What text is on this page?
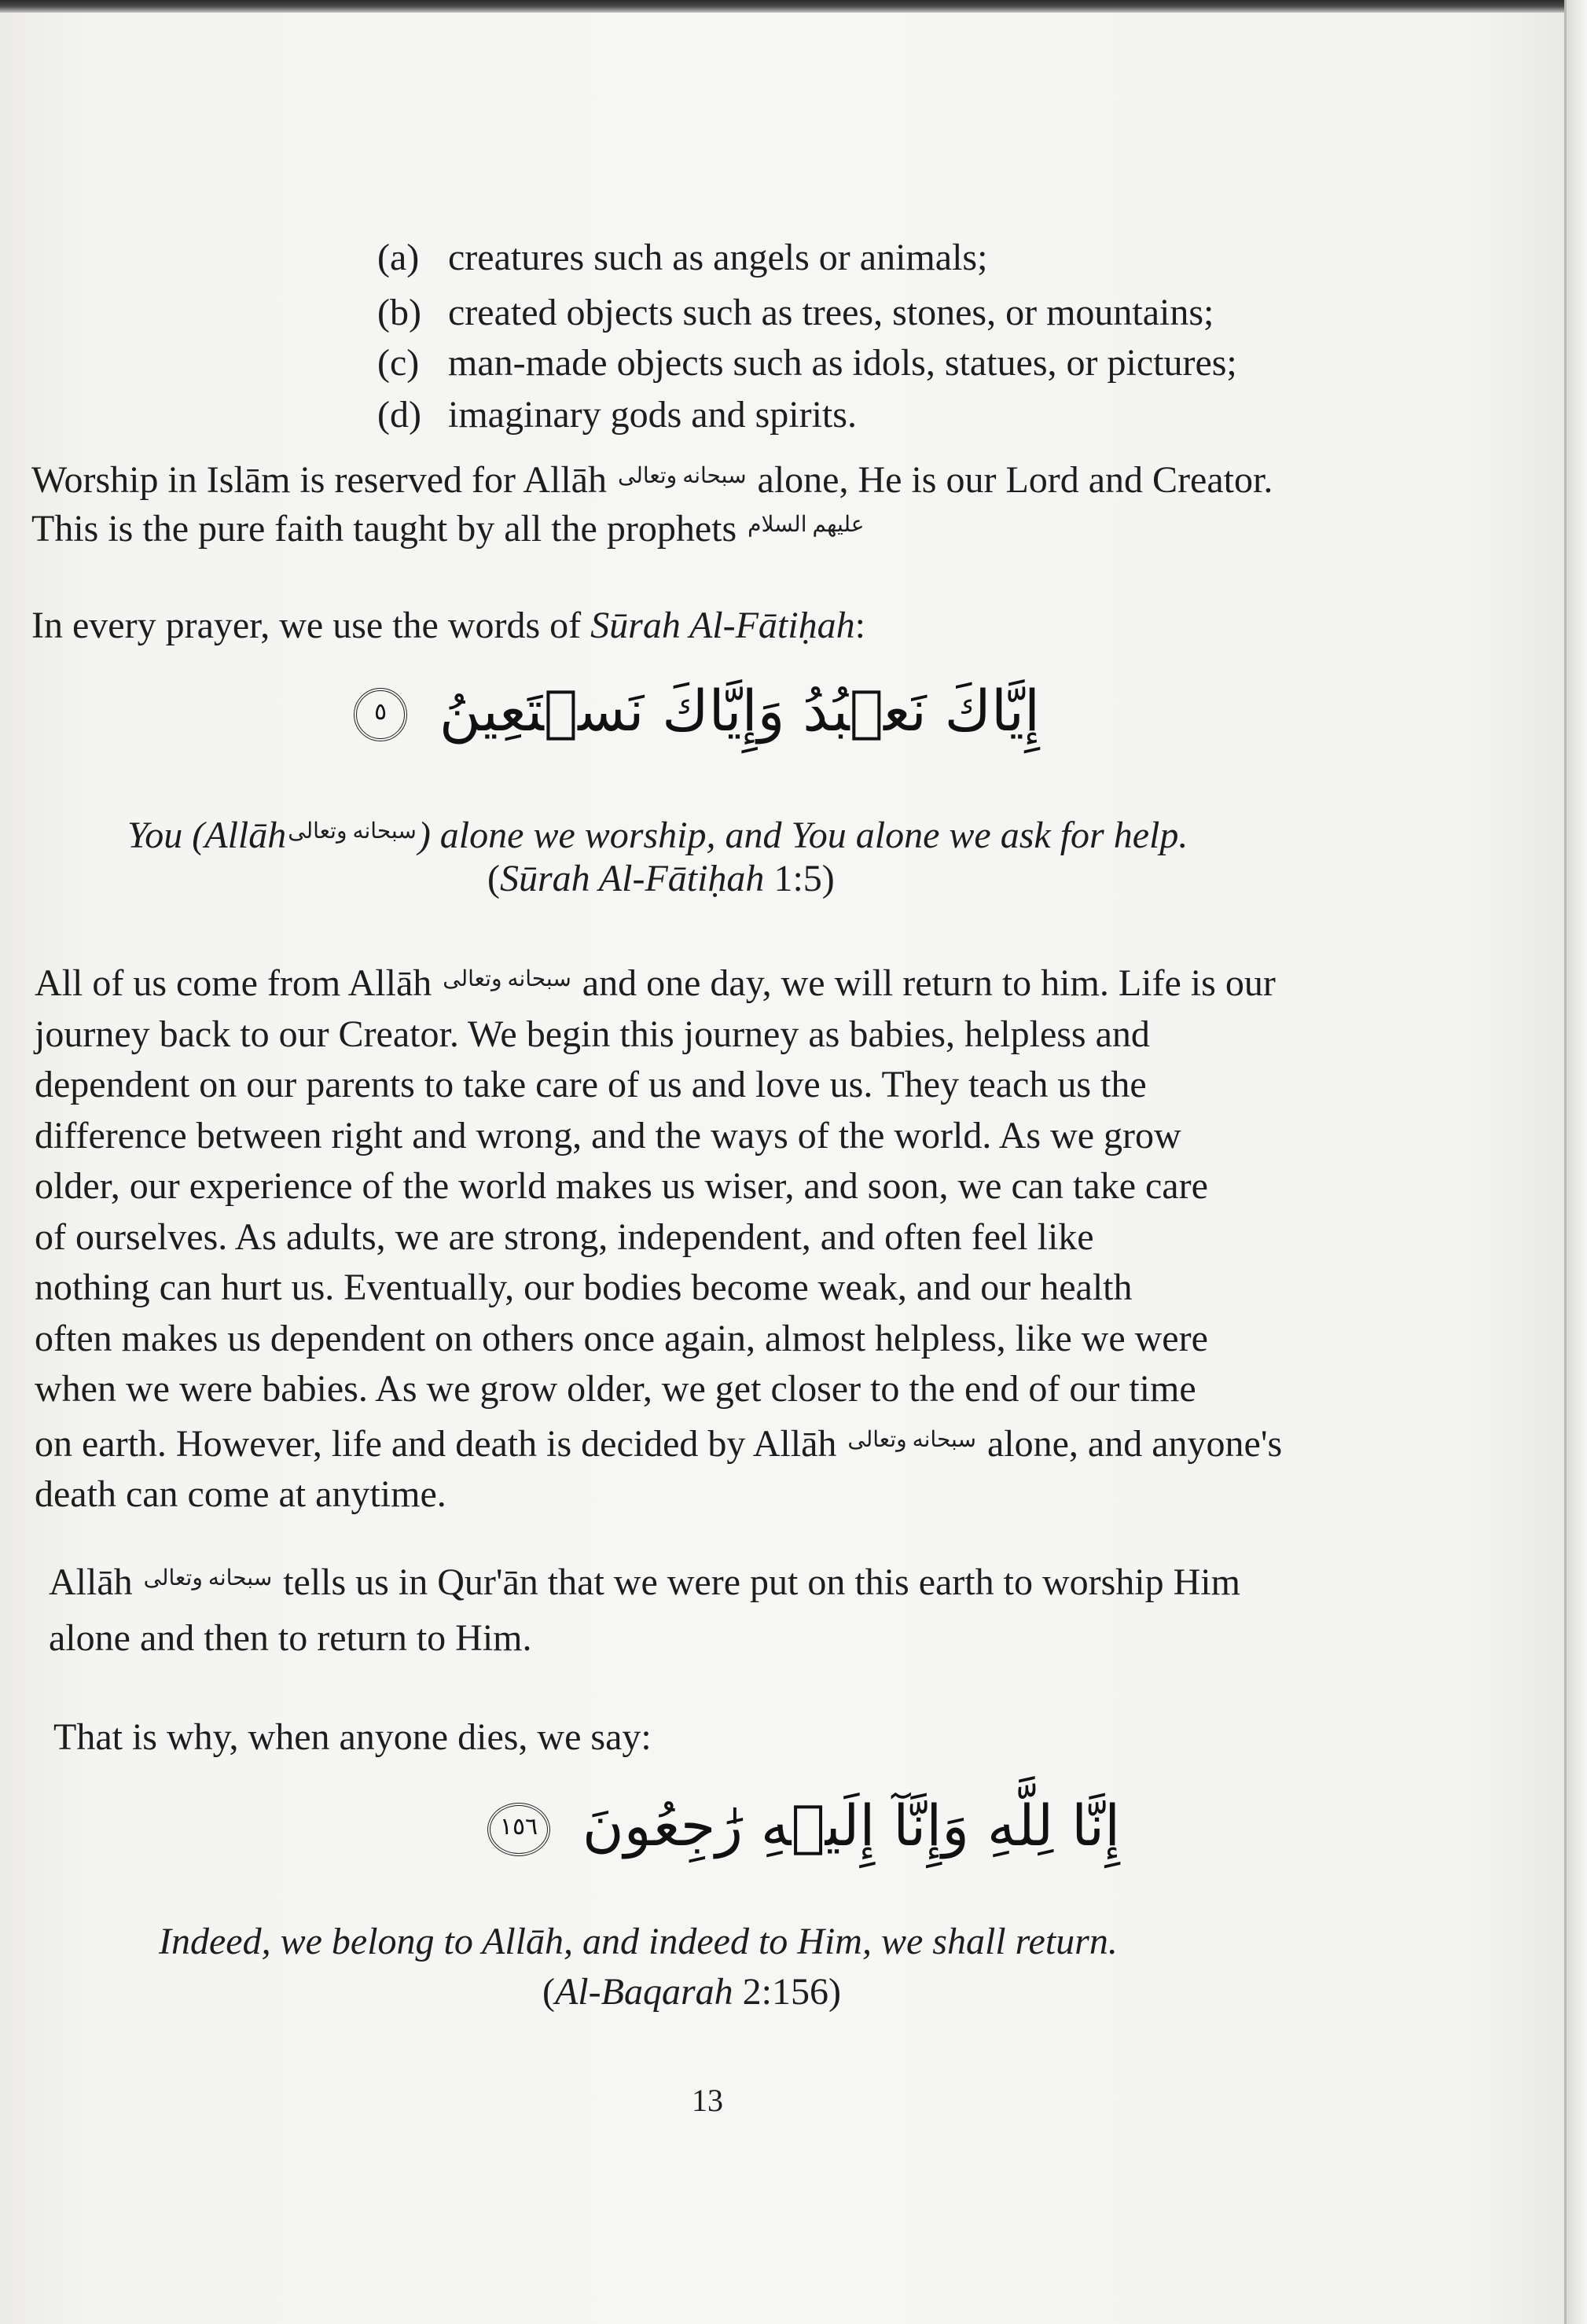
(a) creatures such as angels or animals;
(b) created objects such as trees, stones, or mountains;
(c) man-made objects such as idols, statues, or pictures;
(d) imaginary gods and spirits.
Worship in Islām is reserved for Allāh سبحانه وتعالى alone, He is our Lord and Creator.
This is the pure faith taught by all the prophets عليهم السلام
In every prayer, we use the words of Sūrah Al-Fātiḥah:
إِيَّاكَ نَعۡبُدُ وَإِيَّاكَ نَسۡتَعِينُ ٥
You (Allāhسبحانه وتعالى) alone we worship, and You alone we ask for help.
(Sūrah Al-Fātiḥah 1:5)
All of us come from Allāh سبحانه وتعالى and one day, we will return to him. Life is our
journey back to our Creator. We begin this journey as babies, helpless and
dependent on our parents to take care of us and love us. They teach us the
difference between right and wrong, and the ways of the world. As we grow
older, our experience of the world makes us wiser, and soon, we can take care
of ourselves. As adults, we are strong, independent, and often feel like
nothing can hurt us. Eventually, our bodies become weak, and our health
often makes us dependent on others once again, almost helpless, like we were
when we were babies. As we grow older, we get closer to the end of our time
on earth. However, life and death is decided by Allāh سبحانه وتعالى alone, and anyone's
death can come at anytime.
Allāh سبحانه وتعالى tells us in Qur'ān that we were put on this earth to worship Him
alone and then to return to Him.
That is why, when anyone dies, we say:
إِنَّا لِلَّهِ وَإِنَّآ إِلَيۡهِ رَٰجِعُونَ ١٥٦
Indeed, we belong to Allāh, and indeed to Him, we shall return.
(Al-Baqarah 2:156)
13
